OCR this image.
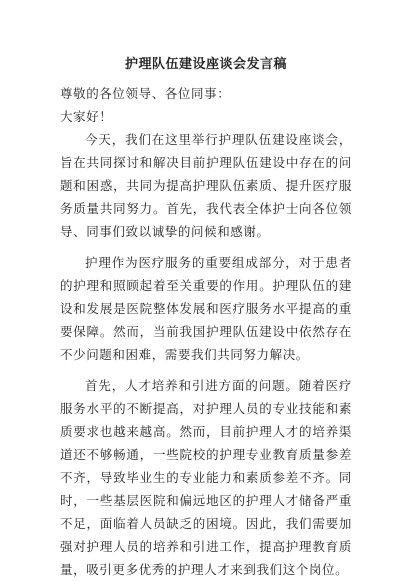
护理队伍建设座谈会发言稿

尊敬的各位领导、各位同事：

大家好！

今天，我们在这里举行护理队伍建设座谈会，旨在共同探讨和解决目前护理队伍建设中存在的问题和困惑，共同为提高护理队伍素质、提升医疗服务质量共同努力。首先，我代表全体护士向各位领导、同事们致以诚挚的问候和感谢。

护理作为医疗服务的重要组成部分，对于患者的护理和照顾起着至关重要的作用。护理队伍的建设和发展是医院整体发展和医疗服务水平提高的重要保障。然而，当前我国护理队伍建设中依然存在不少问题和困难，需要我们共同努力解决。

首先，人才培养和引进方面的问题。随着医疗服务水平的不断提高，对护理人员的专业技能和素质要求也越来越高。然而，目前护理人才的培养渠道还不够畅通，一些院校的护理专业教育质量参差不齐，导致毕业生的专业能力和素质参差不齐。同时，一些基层医院和偏远地区的护理人才储备严重不足，面临着人员缺乏的困境。因此，我们需要加强对护理人员的培养和引进工作，提高护理教育质量，吸引更多优秀的护理人才来到我们这个岗位。
